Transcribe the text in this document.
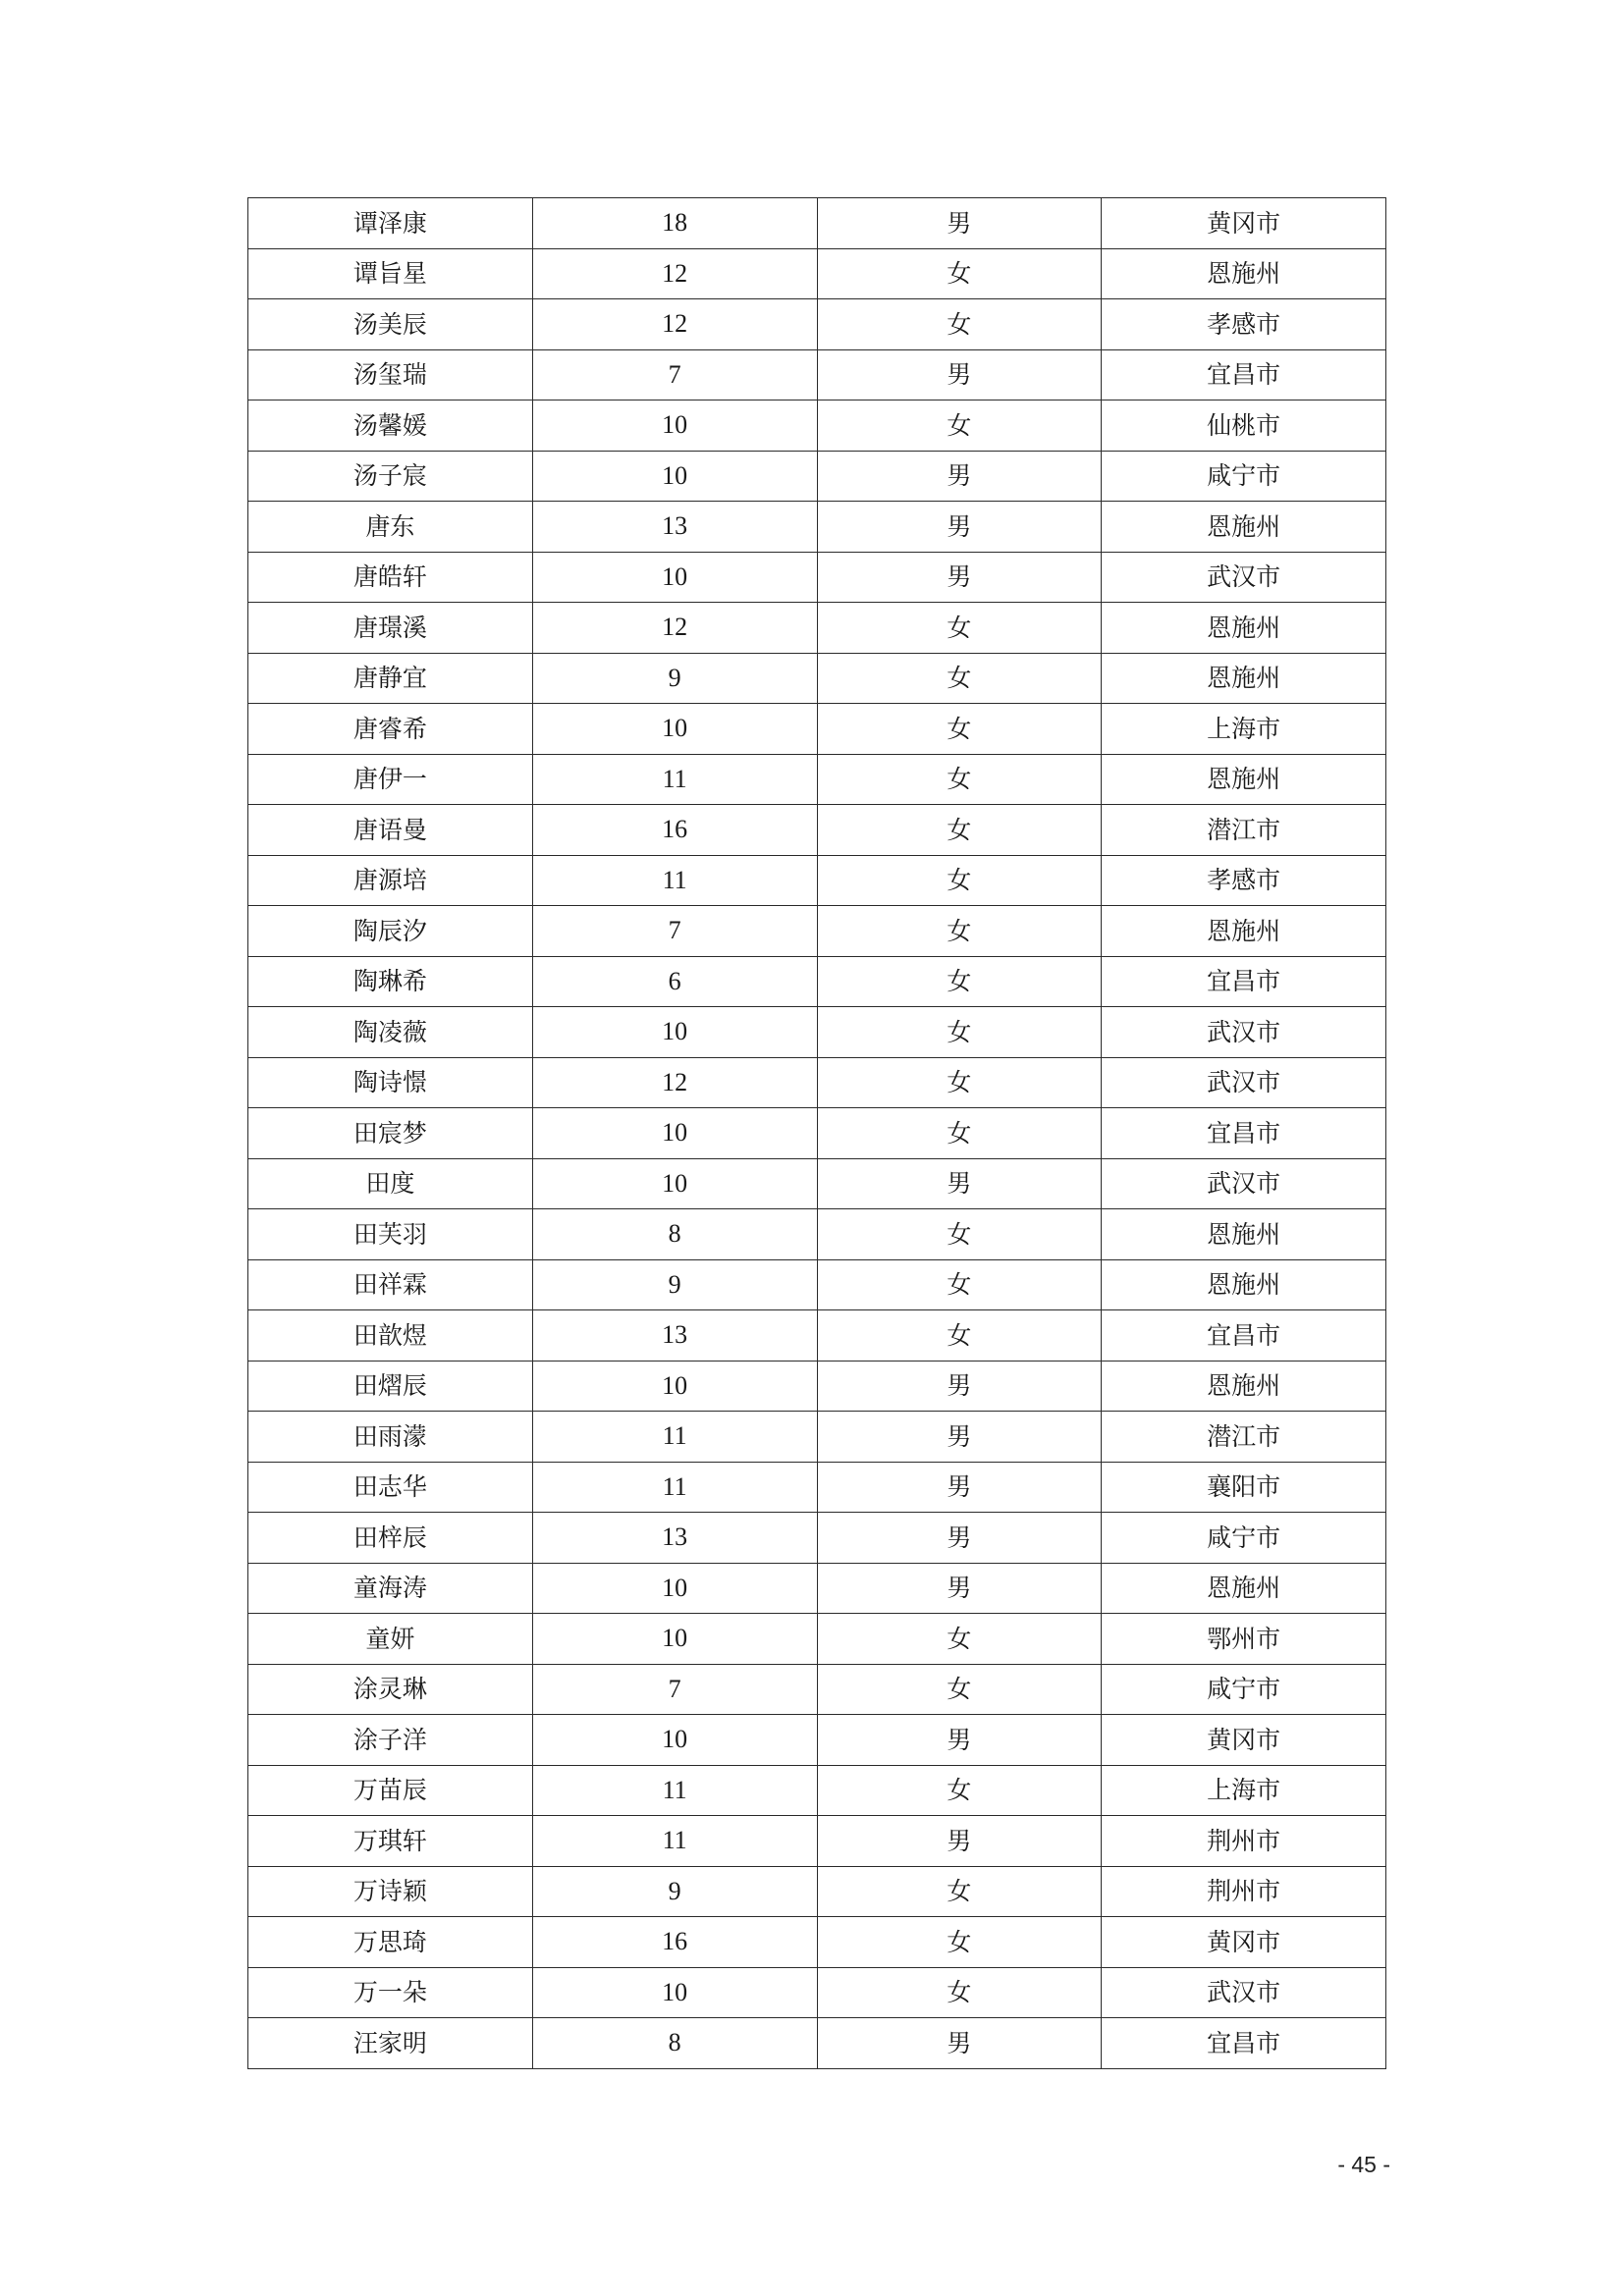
谭泽康	18	男	黄冈市
谭旨星	12	女	恩施州
汤美辰	12	女	孝感市
汤玺瑞	7	男	宜昌市
汤馨媛	10	女	仙桃市
汤子宸	10	男	咸宁市
唐东	13	男	恩施州
唐皓轩	10	男	武汉市
唐璟溪	12	女	恩施州
唐静宜	9	女	恩施州
唐睿希	10	女	上海市
唐伊一	11	女	恩施州
唐语曼	16	女	潜江市
唐源培	11	女	孝感市
陶辰汐	7	女	恩施州
陶琳希	6	女	宜昌市
陶凌薇	10	女	武汉市
陶诗憬	12	女	武汉市
田宸梦	10	女	宜昌市
田度	10	男	武汉市
田芙羽	8	女	恩施州
田祥霖	9	女	恩施州
田歆煜	13	女	宜昌市
田熠辰	10	男	恩施州
田雨濛	11	男	潜江市
田志华	11	男	襄阳市
田梓辰	13	男	咸宁市
童海涛	10	男	恩施州
童妍	10	女	鄂州市
涂灵琳	7	女	咸宁市
涂子洋	10	男	黄冈市
万苗辰	11	女	上海市
万琪轩	11	男	荆州市
万诗颖	9	女	荆州市
万思琦	16	女	黄冈市
万一朵	10	女	武汉市
汪家明	8	男	宜昌市
- 45 -
